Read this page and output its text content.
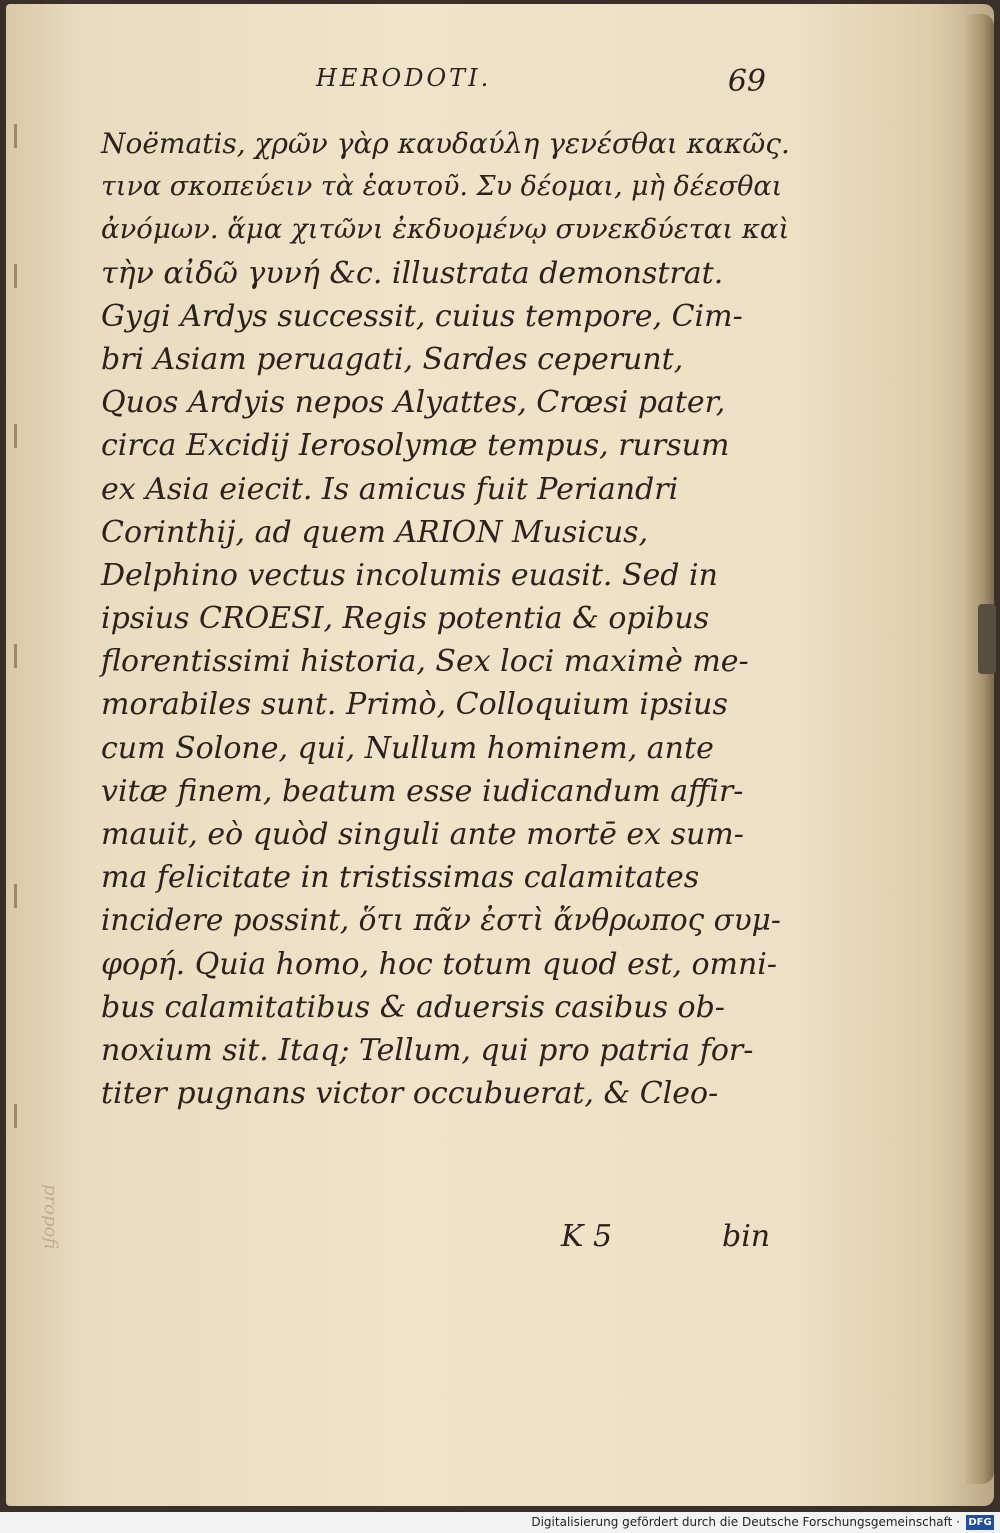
propofi
HERODOTI.	69
Noëmatis, χρῶν γὰρ καυδαύλη γενέσθαι κακῶς.
τινα σκοπεύειν τὰ ἑαυτοῦ. Συ δέομαι, μὴ δέεσθαι
ἀνόμων. ἅμα χιτῶνι ἐκδυομένῳ συνεκδύεται καὶ
τὴν αἰδῶ γυνή &c. illustrata demonstrat.
Gygi Ardys successit, cuius tempore, Cim-
bri Asiam peruagati, Sardes ceperunt,
Quos Ardyis nepos Alyattes, Crœsi pater,
circa Excidij Ierosolymæ tempus, rursum
ex Asia eiecit. Is amicus fuit Periandri
Corinthij, ad quem ARION Musicus,
Delphino vectus incolumis euasit. Sed in
ipsius CROESI, Regis potentia & opibus
florentissimi historia, Sex loci maximè me-
morabiles sunt. Primò, Colloquium ipsius
cum Solone, qui, Nullum hominem, ante
vitæ finem, beatum esse iudicandum affir-
mauit, eò quòd singuli ante mortē ex sum-
ma felicitate in tristissimas calamitates
incidere possint, ὅτι πᾶν ἐστὶ ἄνθρωπος συμ-
φορή. Quia homo, hoc totum quod est, omni-
bus calamitatibus & aduersis casibus ob-
noxium sit. Itaq; Tellum, qui pro patria for-
titer pugnans victor occubuerat, & Cleo-
K 5	bin
Digitalisierung gefördert durch die Deutsche Forschungsgemeinschaft · DFG
